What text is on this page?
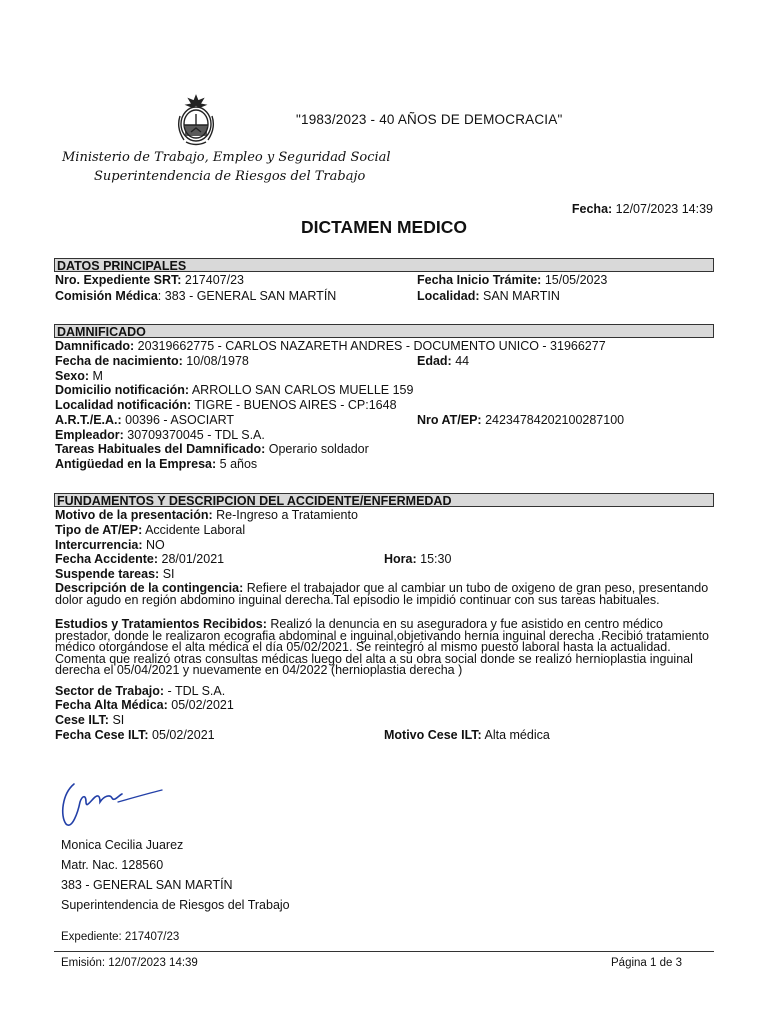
"1983/2023 - 40 AÑOS DE DEMOCRACIA"
Ministerio de Trabajo, Empleo y Seguridad Social
Superintendencia de Riesgos del Trabajo
Fecha: 12/07/2023 14:39
DICTAMEN MEDICO
DATOS PRINCIPALES
Nro. Expediente SRT: 217407/23	Fecha Inicio Trámite: 15/05/2023
Comisión Médica: 383 - GENERAL SAN MARTÍN	Localidad: SAN MARTIN
DAMNIFICADO
Damnificado: 20319662775 - CARLOS NAZARETH ANDRES - DOCUMENTO UNICO - 31966277
Fecha de nacimiento: 10/08/1978	Edad: 44
Sexo: M
Domicilio notificación: ARROLLO SAN CARLOS MUELLE 159
Localidad notificación: TIGRE - BUENOS AIRES - CP:1648
A.R.T./E.A.: 00396 - ASOCIART	Nro AT/EP: 24234784202100287100
Empleador: 30709370045 - TDL S.A.
Tareas Habituales del Damnificado: Operario soldador
Antigüedad en la Empresa: 5 años
FUNDAMENTOS Y DESCRIPCION DEL ACCIDENTE/ENFERMEDAD
Motivo de la presentación: Re-Ingreso a Tratamiento
Tipo de AT/EP: Accidente Laboral
Intercurrencia: NO
Fecha Accidente: 28/01/2021	Hora: 15:30
Suspende tareas: SI
Descripción de la contingencia: Refiere el trabajador que al cambiar un tubo de oxigeno de gran peso, presentando dolor agudo en región abdomino inguinal derecha.Tal episodio le impidió continuar con sus tareas habituales.
Estudios y Tratamientos Recibidos: Realizó la denuncia en su aseguradora y fue asistido en centro médico prestador, donde le realizaron ecografia abdominal e inguinal,objetivando hernia inguinal derecha .Recibió tratamiento médico otorgándose el alta médica el día 05/02/2021. Se reintegró al mismo puesto laboral hasta la actualidad. Comenta que realizó otras consultas médicas luego del alta a su obra social donde se realizó hernioplastia inguinal derecha el 05/04/2021 y nuevamente en 04/2022 (hernioplastia derecha )
Sector de Trabajo: - TDL S.A.
Fecha Alta Médica: 05/02/2021
Cese ILT: SI
Fecha Cese ILT: 05/02/2021	Motivo Cese ILT: Alta médica
Monica Cecilia Juarez
Matr. Nac. 128560
383 - GENERAL SAN MARTÍN
Superintendencia de Riesgos del Trabajo
Expediente: 217407/23
Emisión: 12/07/2023 14:39	Página 1 de 3
